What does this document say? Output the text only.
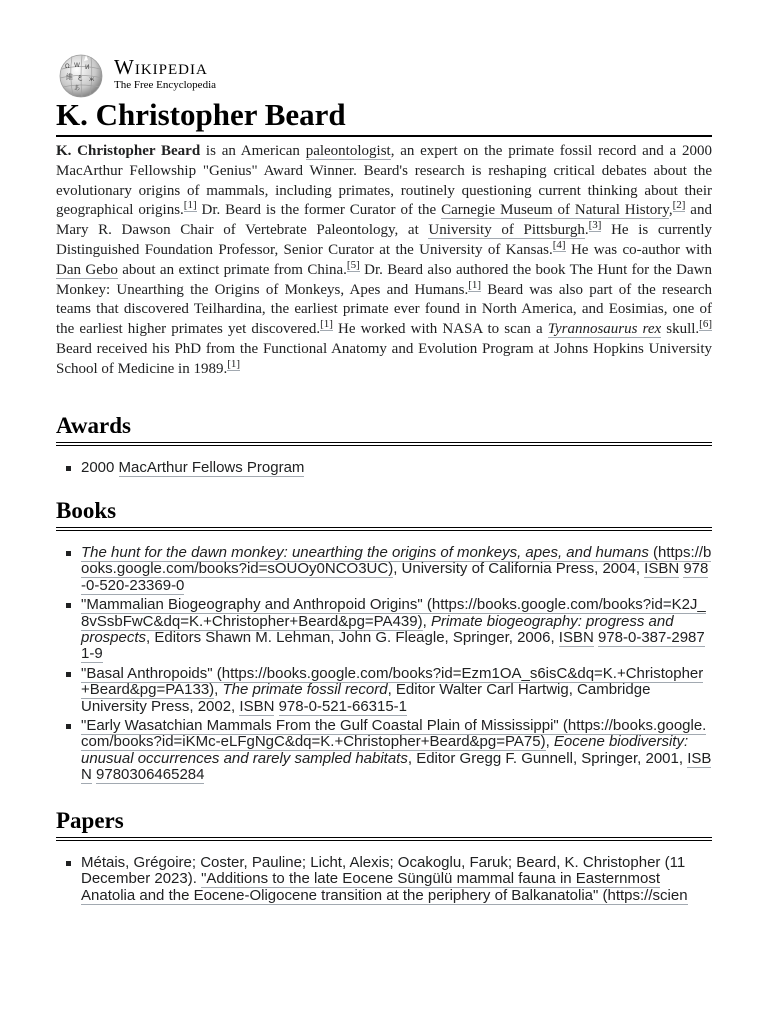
Ω W И
維 ع ж
あ
Wikipedia
The Free Encyclopedia
K. Christopher Beard

K. Christopher Beard is an American paleontologist, an expert on the primate fossil record and a 2000 MacArthur Fellowship "Genius" Award Winner. Beard's research is reshaping critical debates about the evolutionary origins of mammals, including primates, routinely questioning current thinking about their geographical origins.[1] Dr. Beard is the former Curator of the Carnegie Museum of Natural History,[2] and Mary R. Dawson Chair of Vertebrate Paleontology, at University of Pittsburgh.[3] He is currently Distinguished Foundation Professor, Senior Curator at the University of Kansas.[4] He was co-author with Dan Gebo about an extinct primate from China.[5] Dr. Beard also authored the book The Hunt for the Dawn Monkey: Unearthing the Origins of Monkeys, Apes and Humans.[1] Beard was also part of the research teams that discovered Teilhardina, the earliest primate ever found in North America, and Eosimias, one of the earliest higher primates yet discovered.[1] He worked with NASA to scan a Tyrannosaurus rex skull.[6] Beard received his PhD from the Functional Anatomy and Evolution Program at Johns Hopkins University School of Medicine in 1989.[1]

Awards
2000 MacArthur Fellows Program
Books
The hunt for the dawn monkey: unearthing the origins of monkeys, apes, and humans (https://books.google.com/books?id=sOUOy0NCO3UC), University of California Press, 2004, ISBN 978-0-520-23369-0
"Mammalian Biogeography and Anthropoid Origins" (https://books.google.com/books?id=K2J_8vSsbFwC&dq=K.+Christopher+Beard&pg=PA439), Primate biogeography: progress and prospects, Editors Shawn M. Lehman, John G. Fleagle, Springer, 2006, ISBN 978-0-387-29871-9
"Basal Anthropoids" (https://books.google.com/books?id=Ezm1OA_s6isC&dq=K.+Christopher+Beard&pg=PA133), The primate fossil record, Editor Walter Carl Hartwig, Cambridge University Press, 2002, ISBN 978-0-521-66315-1
"Early Wasatchian Mammals From the Gulf Coastal Plain of Mississippi" (https://books.google.com/books?id=iKMc-eLFgNgC&dq=K.+Christopher+Beard&pg=PA75), Eocene biodiversity: unusual occurrences and rarely sampled habitats, Editor Gregg F. Gunnell, Springer, 2001, ISBN 9780306465284
Papers
Métais, Grégoire; Coster, Pauline; Licht, Alexis; Ocakoglu, Faruk; Beard, K. Christopher (11 December 2023). "Additions to the late Eocene Süngülü mammal fauna in Easternmost Anatolia and the Eocene-Oligocene transition at the periphery of Balkanatolia" (https://scien
